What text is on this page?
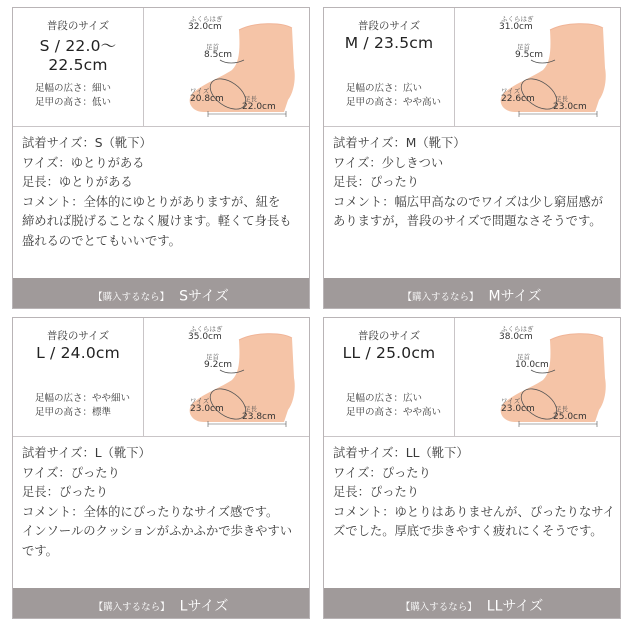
普段のサイズ
S / 22.0〜22.5cm
足幅の広さ：細い
足甲の高さ：低い
ふくらはぎ
32.0cm
足首
8.5cm
ワイズ
20.8cm	足長
22.0cm
試着サイズ：S（靴下）
ワイズ：ゆとりがある
足長：ゆとりがある
コメント：全体的にゆとりがありますが、紐を
締めれば脱げることなく履けます。軽くて身長も
盛れるのでとてもいいです。
【購入するなら】 Sサイズ
普段のサイズ
M / 23.5cm
足幅の広さ：広い
足甲の高さ：やや高い
ふくらはぎ
31.0cm
足首
9.5cm
ワイズ
22.6cm	足長
23.0cm
試着サイズ：M（靴下）
ワイズ：少しきつい
足長：ぴったり
コメント：幅広甲高なのでワイズは少し窮屈感が
ありますが，普段のサイズで問題なさそうです。
【購入するなら】 Mサイズ
普段のサイズ
L / 24.0cm
足幅の広さ：やや細い
足甲の高さ：標準
ふくらはぎ
35.0cm
足首
9.2cm
ワイズ
23.0cm	足長
23.8cm
試着サイズ：L（靴下）
ワイズ：ぴったり
足長：ぴったり
コメント：全体的にぴったりなサイズ感です。
インソールのクッションがふかふかで歩きやすい
です。
【購入するなら】 Lサイズ
普段のサイズ
LL / 25.0cm
足幅の広さ：広い
足甲の高さ：やや高い
ふくらはぎ
38.0cm
足首
10.0cm
ワイズ
23.0cm	足長
25.0cm
試着サイズ：LL（靴下）
ワイズ：ぴったり
足長：ぴったり
コメント：ゆとりはありませんが、ぴったりなサイ
ズでした。厚底で歩きやすく疲れにくそうです。
【購入するなら】 LLサイズ
